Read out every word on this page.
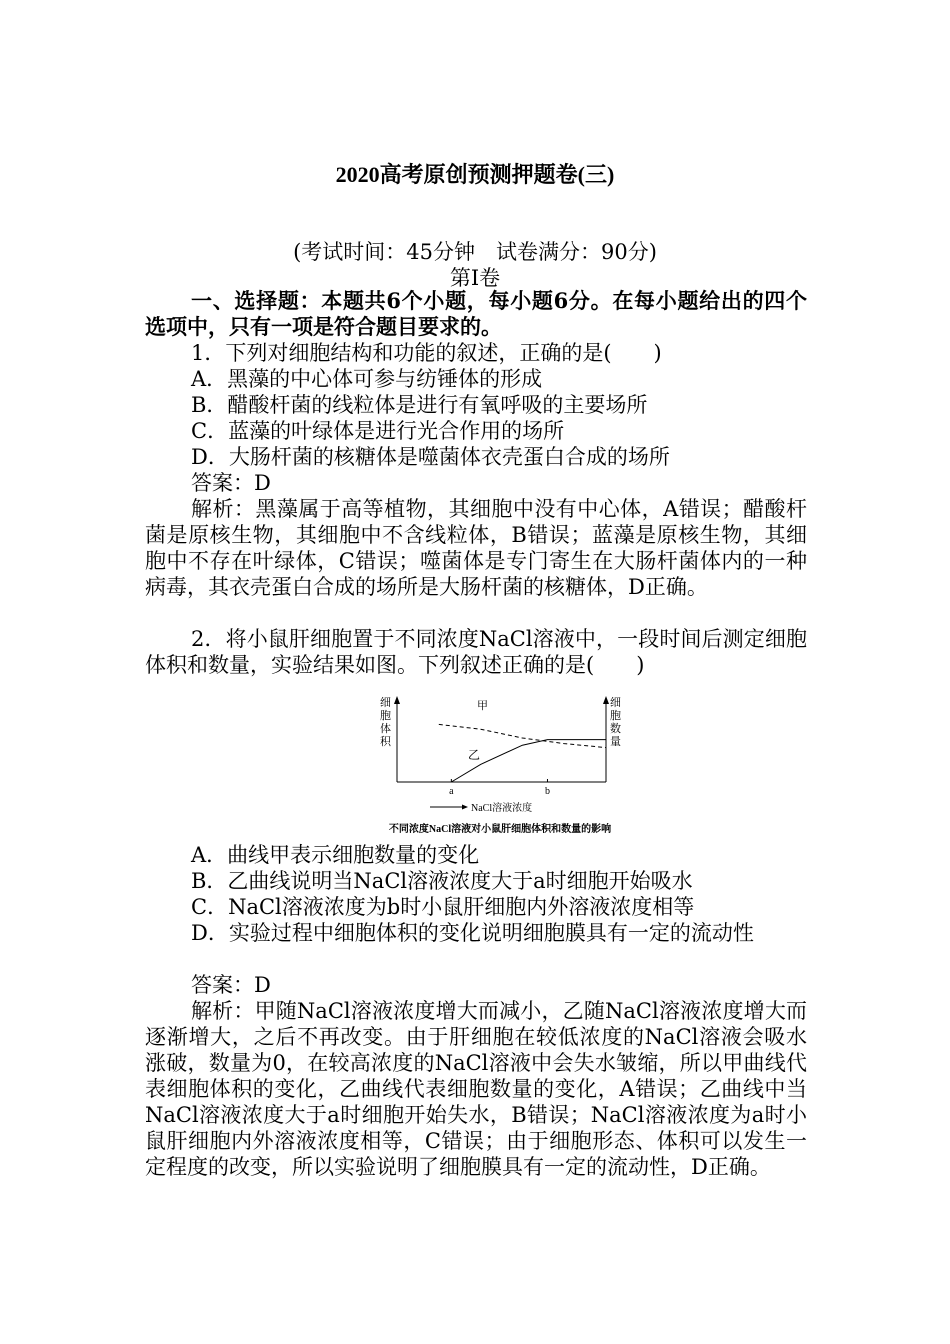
2020高考原创预测押题卷(三)
(考试时间：45分钟　试卷满分：90分)
第Ⅰ卷
一、选择题：本题共6个小题，每小题6分。在每小题给出的四个选项中，只有一项是符合题目要求的。
1．下列对细胞结构和功能的叙述，正确的是(　　)
A．黑藻的中心体可参与纺锤体的形成
B．醋酸杆菌的线粒体是进行有氧呼吸的主要场所
C．蓝藻的叶绿体是进行光合作用的场所
D．大肠杆菌的核糖体是噬菌体衣壳蛋白合成的场所
答案：D
解析：黑藻属于高等植物，其细胞中没有中心体，A错误；醋酸杆菌是原核生物，其细胞中不含线粒体，B错误；蓝藻是原核生物，其细胞中不存在叶绿体，C错误；噬菌体是专门寄生在大肠杆菌体内的一种病毒，其衣壳蛋白合成的场所是大肠杆菌的核糖体，D正确。
2．将小鼠肝细胞置于不同浓度NaCl溶液中，一段时间后测定细胞体积和数量，实验结果如图。下列叙述正确的是(　　)
细
胞
体
积
细
胞
数
量
甲
乙
a	b
NaCl溶液浓度
不同浓度NaCl溶液对小鼠肝细胞体积和数量的影响
A．曲线甲表示细胞数量的变化
B．乙曲线说明当NaCl溶液浓度大于a时细胞开始吸水
C．NaCl溶液浓度为b时小鼠肝细胞内外溶液浓度相等
D．实验过程中细胞体积的变化说明细胞膜具有一定的流动性
答案：D
解析：甲随NaCl溶液浓度增大而减小，乙随NaCl溶液浓度增大而逐渐增大，之后不再改变。由于肝细胞在较低浓度的NaCl溶液会吸水涨破，数量为0，在较高浓度的NaCl溶液中会失水皱缩，所以甲曲线代表细胞体积的变化，乙曲线代表细胞数量的变化，A错误；乙曲线中当NaCl溶液浓度大于a时细胞开始失水，B错误；NaCl溶液浓度为a时小鼠肝细胞内外溶液浓度相等，C错误；由于细胞形态、体积可以发生一定程度的改变，所以实验说明了细胞膜具有一定的流动性，D正确。
